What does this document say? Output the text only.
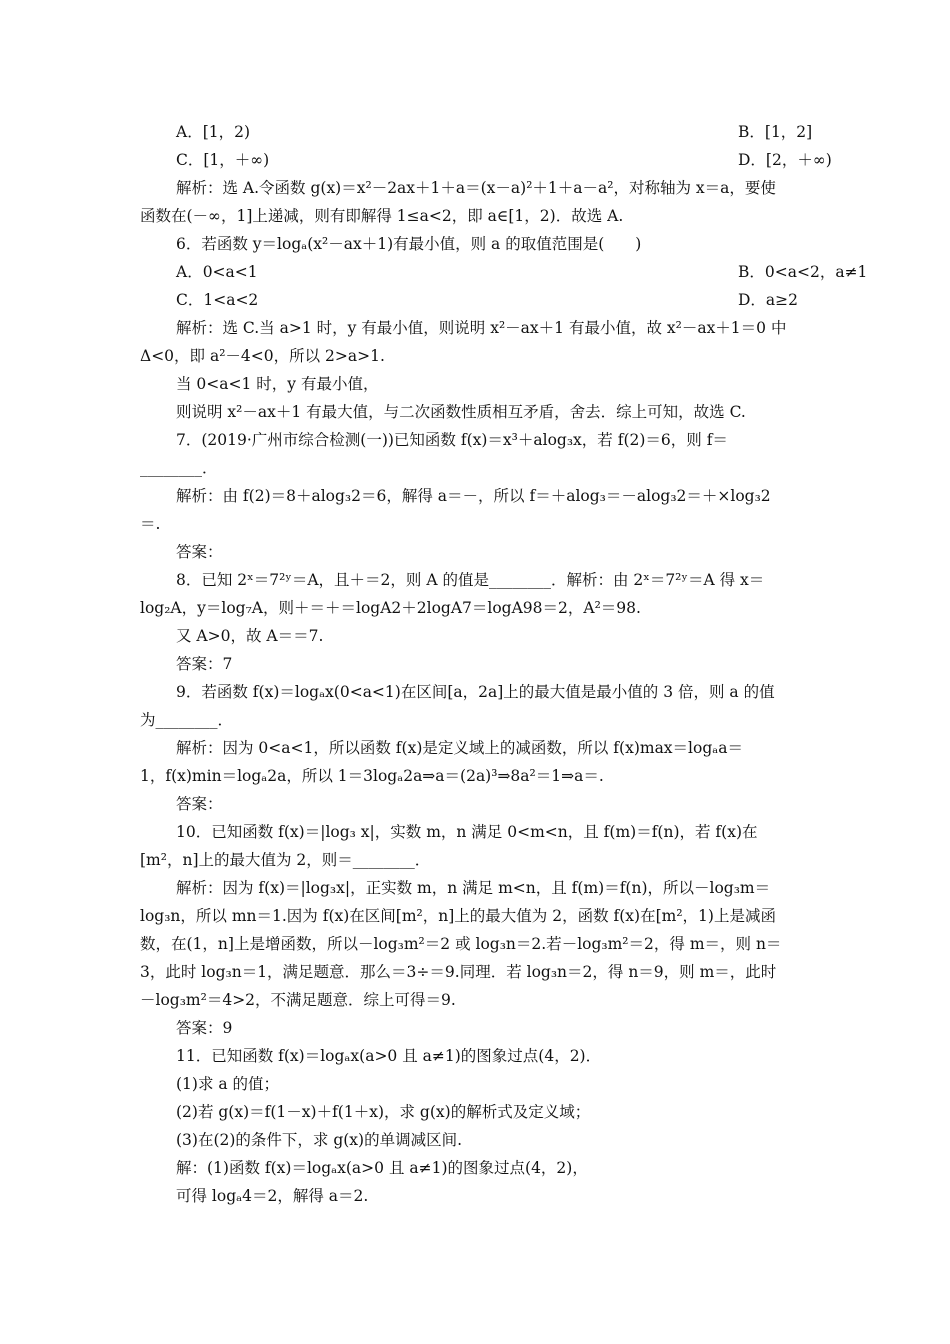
A．[1，2)	B．[1，2]
C．[1，＋∞)	D．[2，＋∞)
解析：选 A.令函数 g(x)＝x²－2ax＋1＋a＝(x－a)²＋1＋a－a²，对称轴为 x＝a，要使
函数在(－∞，1]上递减，则有即解得 1≤a<2，即 a∈[1，2)．故选 A.
6．若函数 y＝logₐ(x²－ax＋1)有最小值，则 a 的取值范围是(　　)
A．0<a<1	B．0<a<2，a≠1
C．1<a<2	D．a≥2
解析：选 C.当 a>1 时，y 有最小值，则说明 x²－ax＋1 有最小值，故 x²－ax＋1＝0 中
Δ<0，即 a²－4<0，所以 2>a>1.
当 0<a<1 时，y 有最小值，
则说明 x²－ax＋1 有最大值，与二次函数性质相互矛盾，舍去．综上可知，故选 C.
7．(2019·广州市综合检测(一))已知函数 f(x)＝x³＋alog₃x，若 f(2)＝6，则 f＝
________．
解析：由 f(2)＝8＋alog₃2＝6，解得 a＝－，所以 f＝＋alog₃＝－alog₃2＝＋×log₃2
＝.
答案：
8．已知 2ˣ＝7²ʸ＝A，且＋＝2，则 A 的值是________．解析：由 2ˣ＝7²ʸ＝A 得 x＝
log₂A，y＝log₇A，则＋＝＋＝logA2＋2logA7＝logA98＝2，A²＝98.
又 A>0，故 A＝＝7.
答案：7
9．若函数 f(x)＝logₐx(0<a<1)在区间[a，2a]上的最大值是最小值的 3 倍，则 a 的值
为________．
解析：因为 0<a<1，所以函数 f(x)是定义域上的减函数，所以 f(x)max＝logₐa＝
1，f(x)min＝logₐ2a，所以 1＝3logₐ2a⇒a＝(2a)³⇒8a²＝1⇒a＝.
答案：
10．已知函数 f(x)＝|log₃ x|，实数 m，n 满足 0<m<n，且 f(m)＝f(n)，若 f(x)在
[m²，n]上的最大值为 2，则＝________．
解析：因为 f(x)＝|log₃x|，正实数 m，n 满足 m<n，且 f(m)＝f(n)，所以－log₃m＝
log₃n，所以 mn＝1.因为 f(x)在区间[m²，n]上的最大值为 2，函数 f(x)在[m²，1)上是减函
数，在(1，n]上是增函数，所以－log₃m²＝2 或 log₃n＝2.若－log₃m²＝2，得 m＝，则 n＝
3，此时 log₃n＝1，满足题意．那么＝3÷＝9.同理．若 log₃n＝2，得 n＝9，则 m＝，此时
－log₃m²＝4>2，不满足题意．综上可得＝9.
答案：9
11．已知函数 f(x)＝logₐx(a>0 且 a≠1)的图象过点(4，2)．
(1)求 a 的值；
(2)若 g(x)＝f(1－x)＋f(1＋x)，求 g(x)的解析式及定义域；
(3)在(2)的条件下，求 g(x)的单调减区间.
解：(1)函数 f(x)＝logₐx(a>0 且 a≠1)的图象过点(4，2)，
可得 logₐ4＝2，解得 a＝2.
